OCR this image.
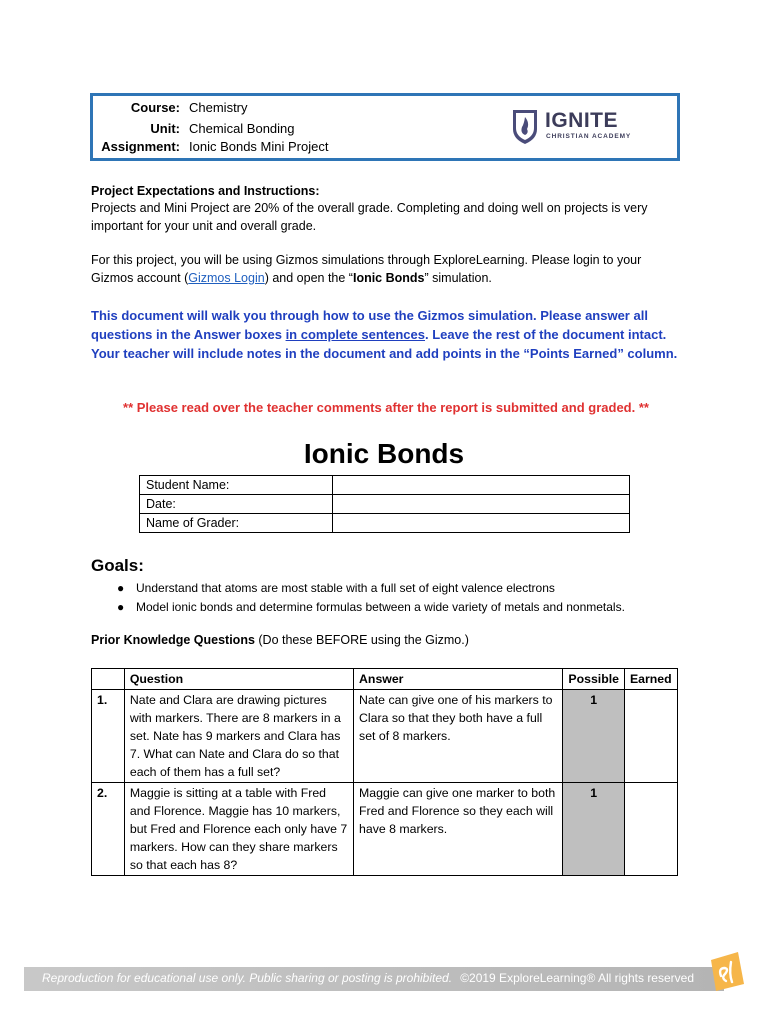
Course: Chemistry
Unit: Chemical Bonding
Assignment: Ionic Bonds Mini Project
IGNITE
CHRISTIAN ACADEMY
Project Expectations and Instructions:
Projects and Mini Project are 20% of the overall grade. Completing and doing well on projects is very important for your unit and overall grade.
For this project, you will be using Gizmos simulations through ExploreLearning. Please login to your Gizmos account (Gizmos Login) and open the “Ionic Bonds” simulation.
This document will walk you through how to use the Gizmos simulation. Please answer all questions in the Answer boxes in complete sentences. Leave the rest of the document intact. Your teacher will include notes in the document and add points in the “Points Earned” column.
** Please read over the teacher comments after the report is submitted and graded. **
Ionic Bonds
Student Name:	
Date:	
Name of Grader:	
Goals:
● Understand that atoms are most stable with a full set of eight valence electrons
● Model ionic bonds and determine formulas between a wide variety of metals and nonmetals.
Prior Knowledge Questions (Do these BEFORE using the Gizmo.)
	Question	Answer	Possible	Earned
1.	Nate and Clara are drawing pictures with markers. There are 8 markers in a set. Nate has 9 markers and Clara has 7. What can Nate and Clara do so that each of them has a full set?	Nate can give one of his markers to Clara so that they both have a full set of 8 markers.	1	
2.	Maggie is sitting at a table with Fred and Florence. Maggie has 10 markers, but Fred and Florence each only have 7 markers. How can they share markers so that each has 8?	Maggie can give one marker to both Fred and Florence so they each will have 8 markers.	1	
Reproduction for educational use only. Public sharing or posting is prohibited. ©2019 ExploreLearning® All rights reserved
